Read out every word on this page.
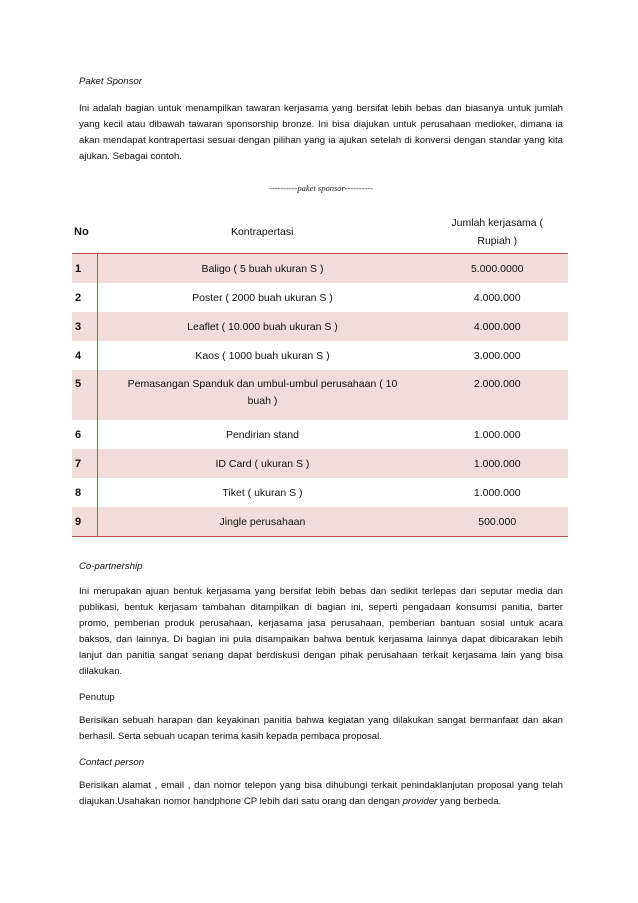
Paket Sponsor

Ini adalah bagian untuk menampilkan tawaran kerjasama yang bersifat lebih bebas dan biasanya untuk jumlah yang kecil atau dibawah tawaran sponsorship bronze. Ini bisa diajukan untuk perusahaan medioker, dimana ia akan mendapat kontrapertasi sesuai dengan pilihan yang ia ajukan setelah di konversi dengan standar yang kita ajukan. Sebagai contoh.

----------paket sponsor----------
No	Kontrapertasi	Jumlah kerjasama (
Rupiah )

1	Baligo ( 5 buah ukuran S )	5.000.0000
2	Poster ( 2000 buah ukuran S )	4.000.000
3	Leaflet ( 10.000 buah ukuran S )	4.000.000
4	Kaos ( 1000 buah ukuran S )	3.000.000
5	Pemasangan Spanduk dan umbul-umbul perusahaan ( 10
buah )	2.000.000
6	Pendirian stand	1.000.000
7	ID Card ( ukuran S )	1.000.000
8	Tiket ( ukuran S )	1.000.000
9	Jingle perusahaan	500.000
Co-partnership

Ini merupakan ajuan bentuk kerjasama yang bersifat lebih bebas dan sedikit terlepas dari seputar media dan publikasi, bentuk kerjasam tambahan ditampilkan di bagian ini, seperti pengadaan konsumsi panitia, barter promo, pemberian produk perusahaan, kerjasama jasa perusahaan, pemberian bantuan sosial untuk acara baksos, dan lainnya. Di bagian ini pula disampaikan bahwa bentuk kerjasama lainnya dapat dibicarakan lebih lanjut dan panitia sangat senang dapat berdiskusi dengan pihak perusahaan terkait kerjasama lain yang bisa dilakukan.

Penutup

Berisikan sebuah harapan dan keyakinan panitia bahwa kegiatan yang dilakukan sangat bermanfaat dan akan berhasil. Serta sebuah ucapan terima kasih kepada pembaca proposal.

Contact person

Berisikan alamat , email , dan nomor telepon yang bisa dihubungi terkait penindaklanjutan proposal yang telah diajukan.Usahakan nomor handphone CP lebih dari satu orang dan dengan provider yang berbeda.
